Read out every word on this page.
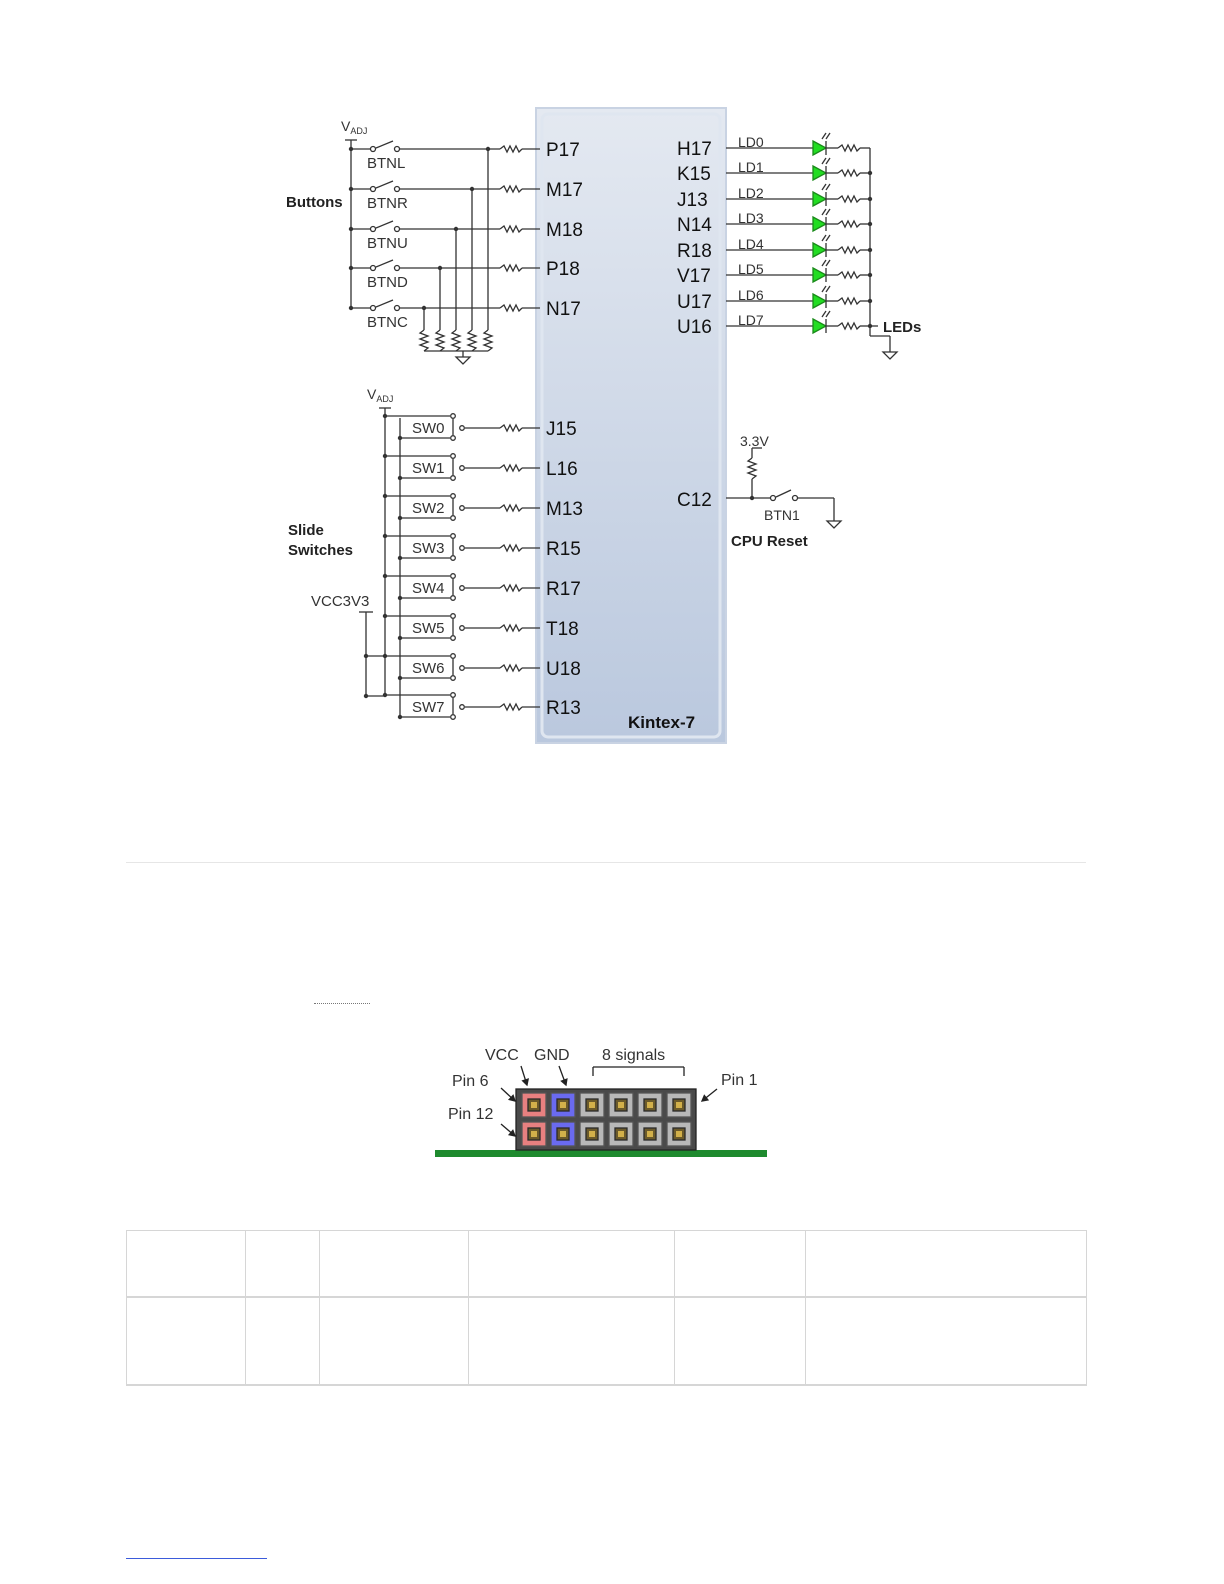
Kintex-7
BTNL
P17
BTNR
M17
BTNU
M18
BTND
P18
BTNC
N17
SW0	J15
SW1	L16
SW2	M13
SW3	R15
SW4	R17
SW5	T18
SW6	U18
SW7	R13
H17 LD0
K15 LD1
J13 LD2
N14 LD3
R18 LD4
V17 LD5
U17 LD6
U16 LD7
$V_{ADJ}$
$V_{ADJ}$
Buttons
Slide
Switches
VCC3V3
LEDs
3.3V
BTN1
CPU Reset
C12
VCC GND 8 signals
Pin 6
Pin 12
Pin 1
